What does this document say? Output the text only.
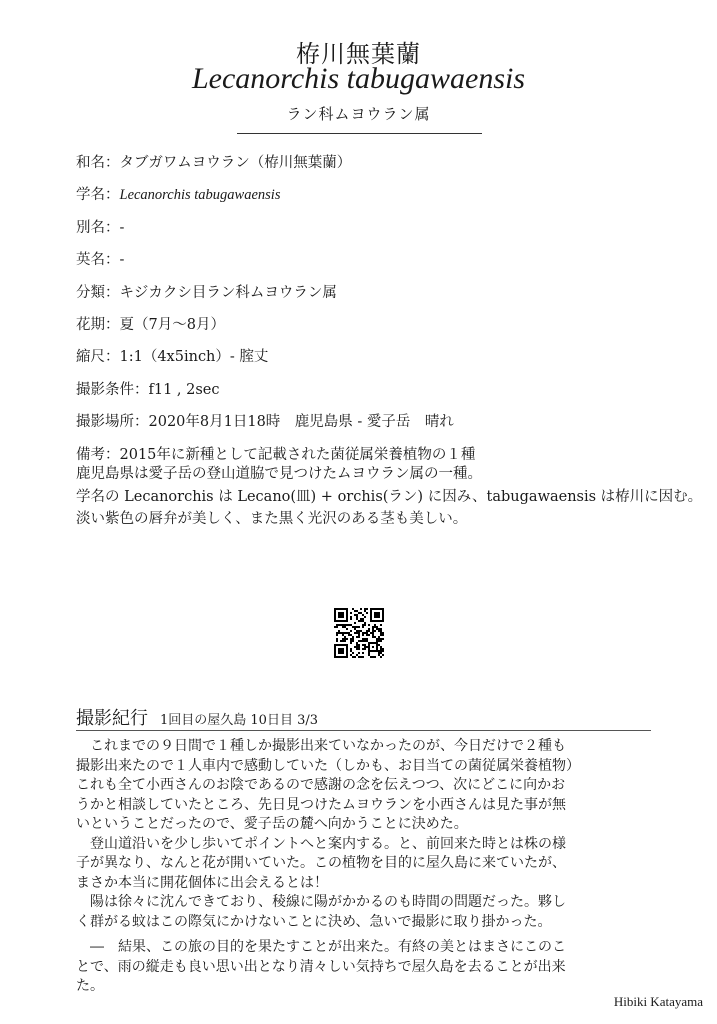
栫川無葉蘭
Lecanorchis tabugawaensis
ラン科ムヨウラン属
和名：タブガワムヨウラン（栫川無葉蘭）
学名：Lecanorchis tabugawaensis
別名：-
英名：-
分類：キジカクシ目ラン科ムヨウラン属
花期：夏（7月〜8月）
縮尺：1:1（4x5inch）- 腟丈
撮影条件：f11 , 2sec
撮影場所：2020年8月1日18時　鹿児島県 - 愛子岳　晴れ
備考：2015年に新種として記載された菌従属栄養植物の１種

鹿児島県は愛子岳の登山道脇で見つけたムヨウラン属の一種。

学名の Lecanorchis は Lecano(皿) + orchis(ラン) に因み、tabugawaensis は栫川に因む。

淡い紫色の唇弁が美しく、また黒く光沢のある茎も美しい。

撮影紀行 1回目の屋久島 10日目 3/3
　これまでの９日間で１種しか撮影出来ていなかったのが、今日だけで２種も
撮影出来たので１人車内で感動していた（しかも、お目当ての菌従属栄養植物）
これも全て小西さんのお陰であるので感謝の念を伝えつつ、次にどこに向かお
うかと相談していたところ、先日見つけたムヨウランを小西さんは見た事が無
いということだったので、愛子岳の麓へ向かうことに決めた。
　登山道沿いを少し歩いてポイントへと案内する。と、前回来た時とは株の様
子が異なり、なんと花が開いていた。この植物を目的に屋久島に来ていたが、
まさか本当に開花個体に出会えるとは！
　陽は徐々に沈んできており、稜線に陽がかかるのも時間の問題だった。夥し
く群がる蚊はこの際気にかけないことに決め、急いで撮影に取り掛かった。
　―　結果、この旅の目的を果たすことが出来た。有終の美とはまさにこのこ
とで、雨の縦走も良い思い出となり清々しい気持ちで屋久島を去ることが出来
た。
Hibiki Katayama
